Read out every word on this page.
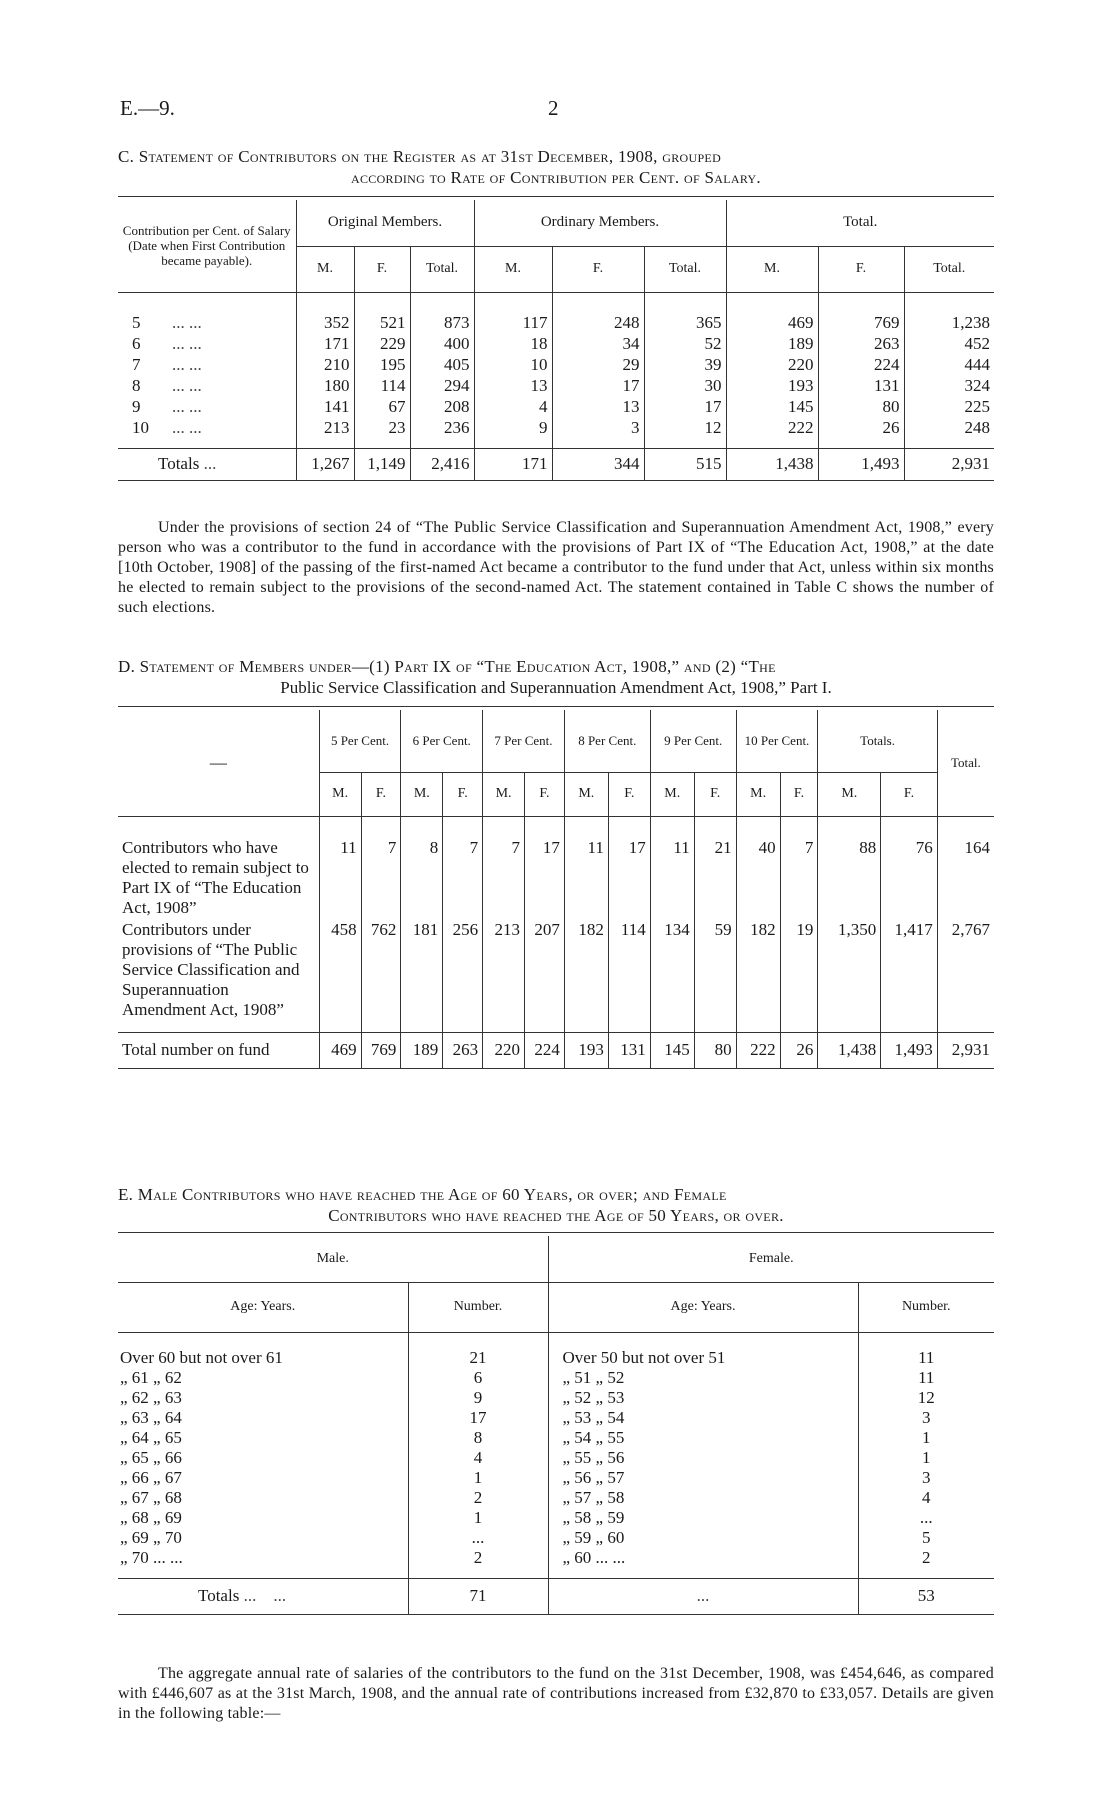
E.—9.	2
C. Statement of Contributors on the Register as at 31st December, 1908, grouped
according to Rate of Contribution per Cent. of Salary.
Contribution per Cent. of Salary (Date when First Contribution became payable).	Original Members.			Ordinary Members.			Total.		
	M.	F.	Total.	M.	F.	Total.	M.	F.	Total.

5 ... ...	352	521	873	117	248	365	469	769	1,238
6 ... ...	171	229	400	18	34	52	189	263	452
7 ... ...	210	195	405	10	29	39	220	224	444
8 ... ...	180	114	294	13	17	30	193	131	324
9 ... ...	141	67	208	4	13	17	145	80	225
10 ... ...	213	23	236	9	3	12	222	26	248

Totals ...	1,267	1,149	2,416	171	344	515	1,438	1,493	2,931
Under the provisions of section 24 of “The Public Service Classification and Superannuation Amendment Act, 1908,” every person who was a contributor to the fund in accordance with the provisions of Part IX of “The Education Act, 1908,” at the date [10th October, 1908] of the passing of the first-named Act became a contributor to the fund under that Act, unless within six months he elected to remain subject to the provisions of the second-named Act. The statement contained in Table C shows the number of such elections.
D. Statement of Members under—(1) Part IX of “The Education Act, 1908,” and (2) “The
Public Service Classification and Superannuation Amendment Act, 1908,” Part I.
—	5 Per Cent.		6 Per Cent.		7 Per Cent.		8 Per Cent.		9 Per Cent.		10 Per Cent.		Totals.		Total.
	M.	F.	M.	F.	M.	F.	M.	F.	M.	F.	M.	F.	M.	F.	

Contributors who have elected to remain subject to Part IX of “The Education Act, 1908”	11	7	8	7	7	17	11	17	11	21	40	7	88	76	164
Contributors under provisions of “The Public Service Classification and Superannuation Amendment Act, 1908”	458	762	181	256	213	207	182	114	134	59	182	19	1,350	1,417	2,767

Total number on fund	469	769	189	263	220	224	193	131	145	80	222	26	1,438	1,493	2,931
E. Male Contributors who have reached the Age of 60 Years, or over; and Female
Contributors who have reached the Age of 50 Years, or over.
Male.		Female.	
Age: Years.	Number.	Age: Years.	Number.

Over 60 but not over 61	21	Over 50 but not over 51	11
„ 61 „ 62	6	„ 51 „ 52	11
„ 62 „ 63	9	„ 52 „ 53	12
„ 63 „ 64	17	„ 53 „ 54	3
„ 64 „ 65	8	„ 54 „ 55	1
„ 65 „ 66	4	„ 55 „ 56	1
„ 66 „ 67	1	„ 56 „ 57	3
„ 67 „ 68	2	„ 57 „ 58	4
„ 68 „ 69	1	„ 58 „ 59	...
„ 69 „ 70	...	„ 59 „ 60	5
„ 70 ... ...	2	„ 60 ... ...	2

Totals ...    ...	71	...	53
The aggregate annual rate of salaries of the contributors to the fund on the 31st December, 1908, was £454,646, as compared with £446,607 as at the 31st March, 1908, and the annual rate of contributions increased from £32,870 to £33,057. Details are given in the following table:—
